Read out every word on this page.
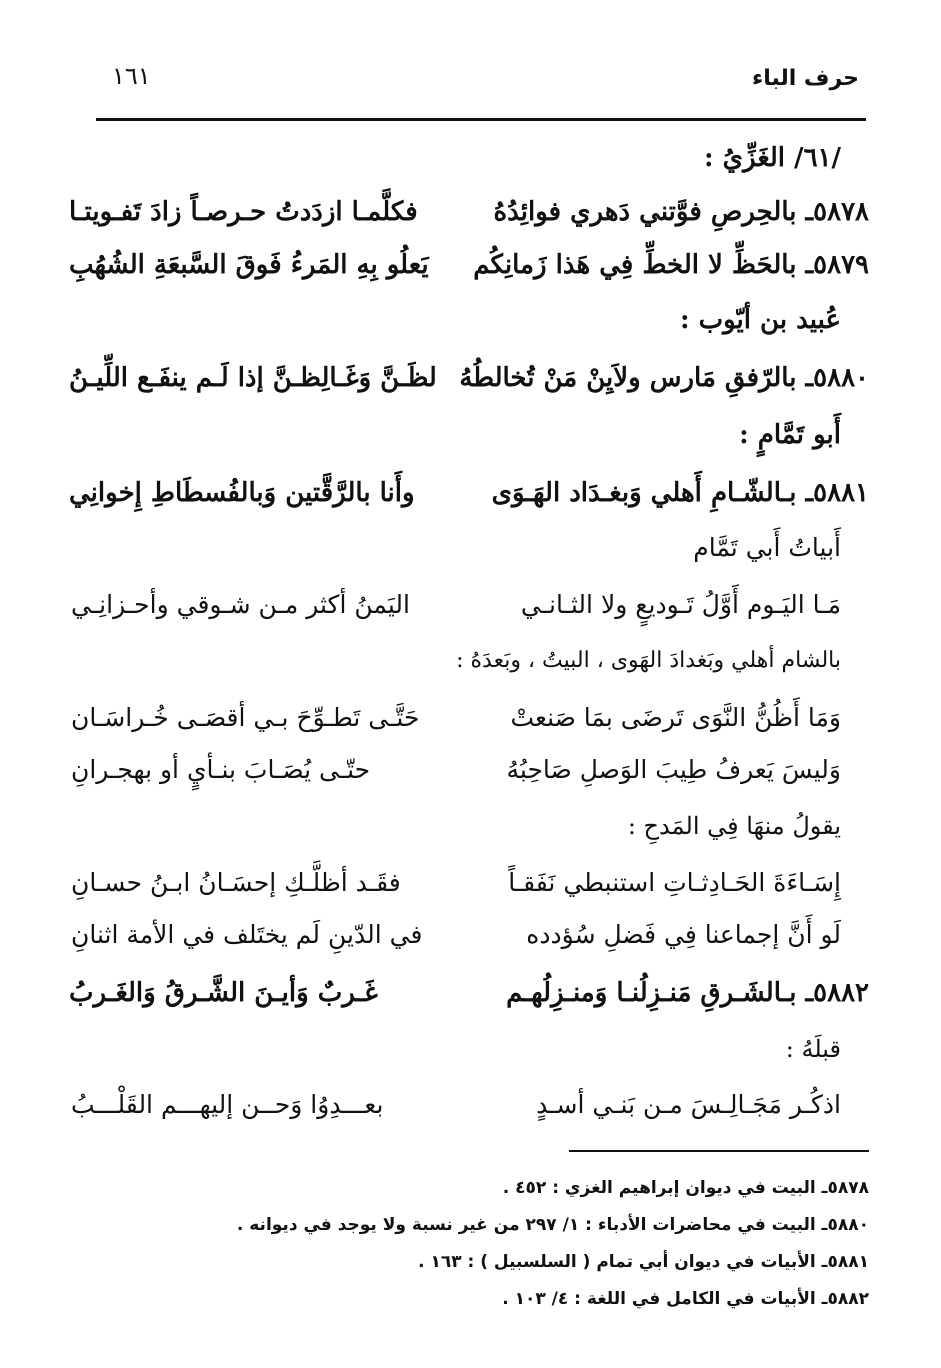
حرف الباء
١٦١
/٦١/ الغَزِّيُ :
٥٨٧٨ـ بالحِرصِ فوَّتني دَهري فوائِدُهُ
فكلَّمـا ازدَدتُ حـرصـاً زادَ تَفـويتـا
٥٨٧٩ـ بالحَظِّ لا الخطِّ فِي هَذا زَمانِكُم
يَعلُو بِهِ المَرءُ فَوقَ السَّبعَةِ الشُهُبِ
عُبيد بن أيّوب :
٥٨٨٠ـ بالرّفقِ مَارس ولاَيِنْ مَنْ تُخالطُهُ
لظَـنَّ وَغَـالِظـنَّ إذا لَـم ينفَـع اللِّيـنُ
أَبو تَمَّامٍ :
٥٨٨١ـ بـالشّـامِ أَهلي وَبغـدَاد الهَـوَى
وأَنا بالرَّقَّتين وَبالفُسطَاطِ إِخوانِي
أَبياتُ أَبي تَمَّام
مَـا اليَـوم أَوَّلُ تَـوديعٍ ولا الثـانـي
اليَمنُ أكثر مـن شـوقي وأحـزانِـي
بالشام أهلي وبَغدادَ الهَوى ، البيتُ ، وبَعدَهُ :
وَمَا أَظُنُّ النَّوَى تَرضَى بمَا صَنعتْ
حَتَّـى تَطـوِّحَ بـي أقصَـى خُـراسَـان
وَليسَ يَعرفُ طِيبَ الوَصلِ صَاحِبُهُ
حتّـى يُصَـابَ بنـأيٍ أو بهجـرانِ
يقولُ منهَا فِي المَدحِ :
إِسَـاءَةَ الحَـادِثـاتِ استنبطي نَفَقـاً
فقَـد أظلَّـكِ إحسَـانُ ابـنُ حسـانِ
لَو أَنَّ إجماعنا فِي فَضلِ سُؤدده
في الدّينِ لَم يختَلف في الأمة اثنانِ
٥٨٨٢ـ بـالشَـرقِ مَنـزِلُنـا وَمنـزِلُهـم
غَـربٌ وَأيـنَ الشَّـرقُ وَالغَـربُ
قبلَهُ :
اذكُـر مَجَـالِـسَ مـن بَنـي أسـدٍ
بعـــدِوُا وَحــن إليهـــم القَلْـــبُ
٥٨٧٨ـ البيت في ديوان إبراهيم الغزي : ٤٥٢ .
٥٨٨٠ـ البيت في محاضرات الأدباء : ١/ ٢٩٧ من غير نسبة ولا يوجد في ديوانه .
٥٨٨١ـ الأبيات في ديوان أبي تمام ( السلسبيل ) : ١٦٣ .
٥٨٨٢ـ الأبيات في الكامل في اللغة : ٤/ ١٠٣ .
